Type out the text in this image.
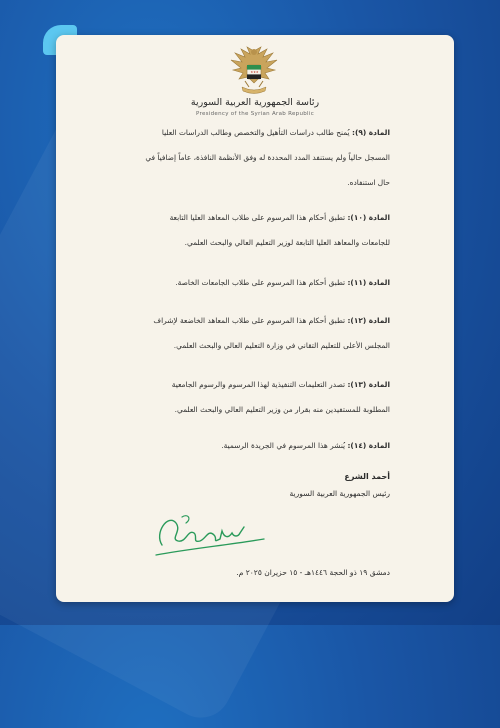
★★★
رئاسة الجمهورية العربية السورية
Presidency of the Syrian Arab Republic

المادة (٩): يُمنح طالب دراسات التأهيل والتخصص وطالب الدراسات العليا
المسجل حالياً ولم يستنفد المدد المحددة له وفق الأنظمة النافذة، عاماً إضافياً في
حال استنفاده.

المادة (١٠): تطبق أحكام هذا المرسوم على طلاب المعاهد العليا التابعة
للجامعات والمعاهد العليا التابعة لوزير التعليم العالي والبحث العلمي.

المادة (١١): تطبق أحكام هذا المرسوم على طلاب الجامعات الخاصة.

المادة (١٢): تطبق أحكام هذا المرسوم على طلاب المعاهد الخاضعة لإشراف
المجلس الأعلى للتعليم التقاني في وزارة التعليم العالي والبحث العلمي.

المادة (١٣): تصدر التعليمات التنفيذية لهذا المرسوم والرسوم الجامعية
المطلوبة للمستفيدين منه بقرار من وزير التعليم العالي والبحث العلمي.

المادة (١٤): يُنشر هذا المرسوم في الجريدة الرسمية.

أحمد الشرع
رئيس الجمهورية العربية السورية
دمشق ١٩ ذو الحجة ١٤٤٦هـ - ١٥ حزيران ٢٠٢٥ م.
